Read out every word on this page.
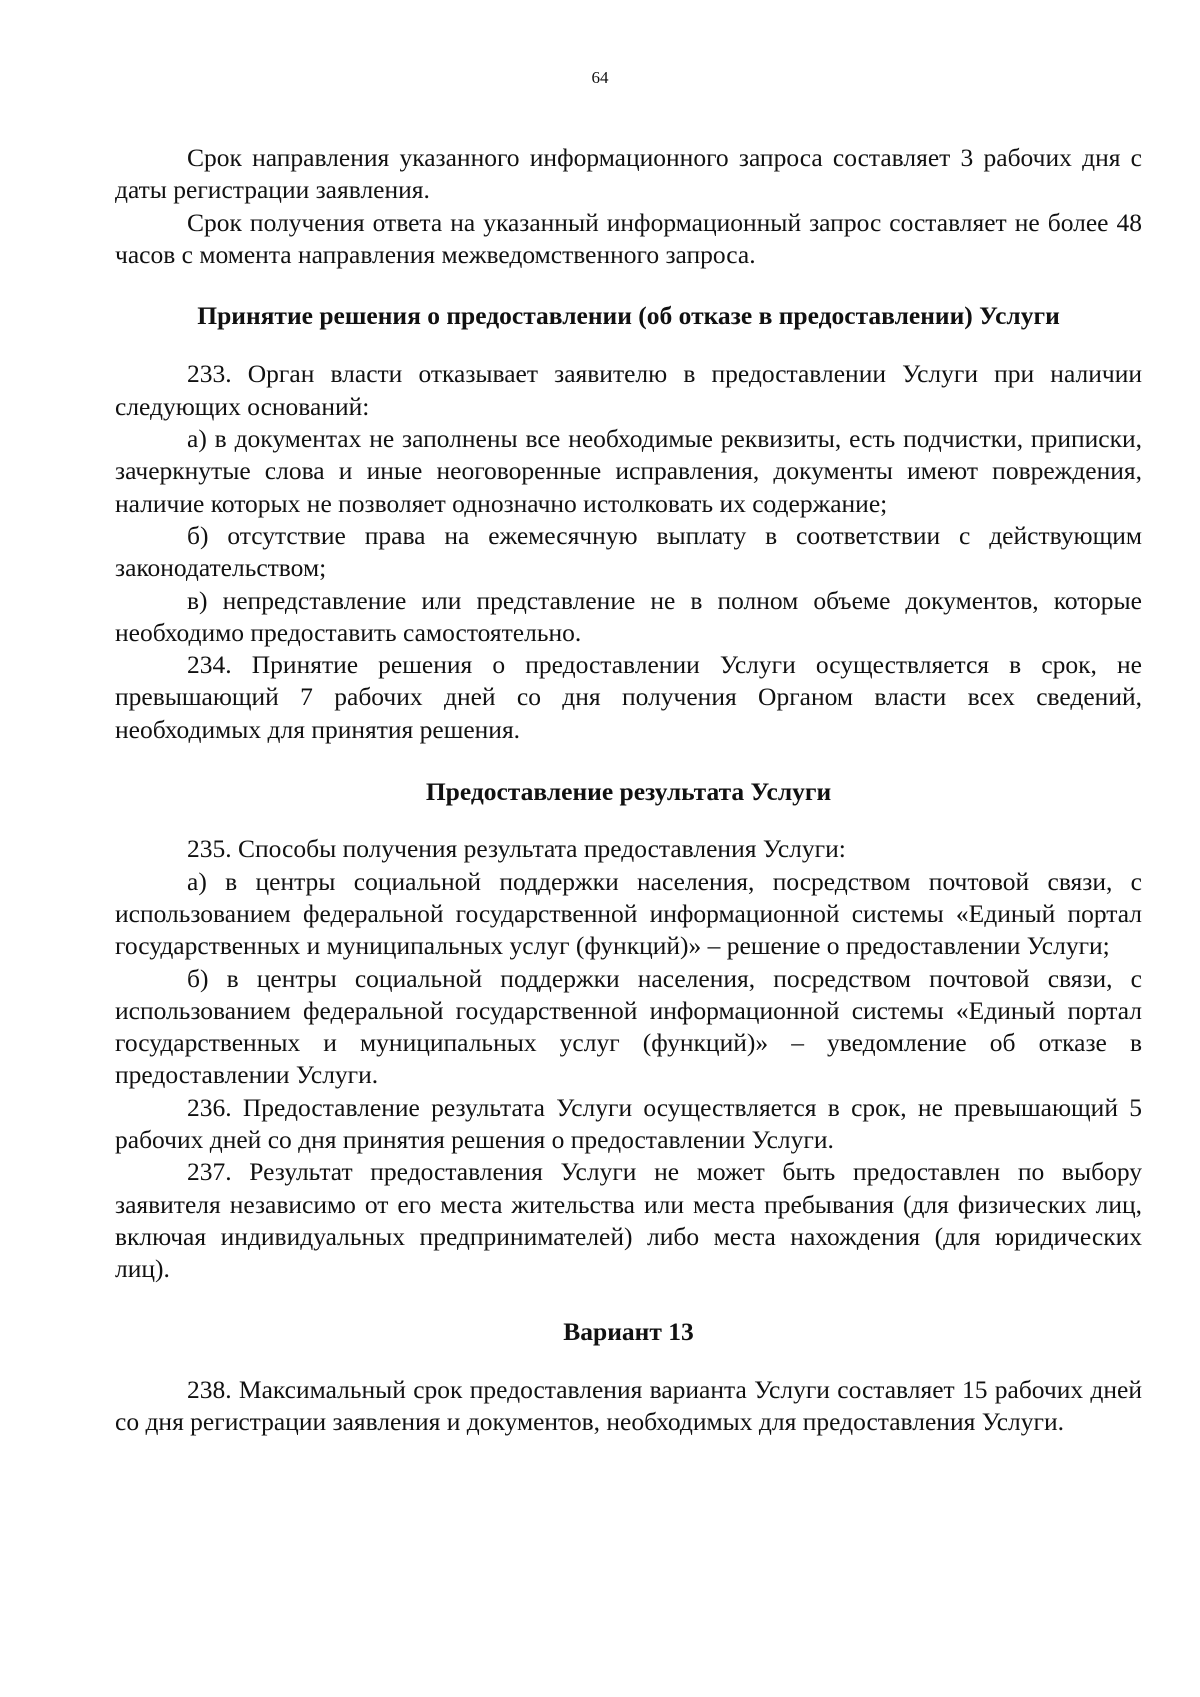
64

Срок направления указанного информационного запроса составляет 3 рабочих дня с даты регистрации заявления.

Срок получения ответа на указанный информационный запрос составляет не более 48 часов с момента направления межведомственного запроса.

Принятие решения о предоставлении (об отказе в предоставлении) Услуги

233. Орган власти отказывает заявителю в предоставлении Услуги при наличии следующих оснований:

а) в документах не заполнены все необходимые реквизиты, есть подчистки, приписки, зачеркнутые слова и иные неоговоренные исправления, документы имеют повреждения, наличие которых не позволяет однозначно истолковать их содержание;

б) отсутствие права на ежемесячную выплату в соответствии с действующим законодательством;

в) непредставление или представление не в полном объеме документов, которые необходимо предоставить самостоятельно.

234. Принятие решения о предоставлении Услуги осуществляется в срок, не превышающий 7 рабочих дней со дня получения Органом власти всех сведений, необходимых для принятия решения.

Предоставление результата Услуги

235. Способы получения результата предоставления Услуги:

а) в центры социальной поддержки населения, посредством почтовой связи, с использованием федеральной государственной информационной системы «Единый портал государственных и муниципальных услуг (функций)» – решение о предоставлении Услуги;

б) в центры социальной поддержки населения, посредством почтовой связи, с использованием федеральной государственной информационной системы «Единый портал государственных и муниципальных услуг (функций)» – уведомление об отказе в предоставлении Услуги.

236. Предоставление результата Услуги осуществляется в срок, не превышающий 5 рабочих дней со дня принятия решения о предоставлении Услуги.

237. Результат предоставления Услуги не может быть предоставлен по выбору заявителя независимо от его места жительства или места пребывания (для физических лиц, включая индивидуальных предпринимателей) либо места нахождения (для юридических лиц).

Вариант 13

238. Максимальный срок предоставления варианта Услуги составляет 15 рабочих дней со дня регистрации заявления и документов, необходимых для предоставления Услуги.
